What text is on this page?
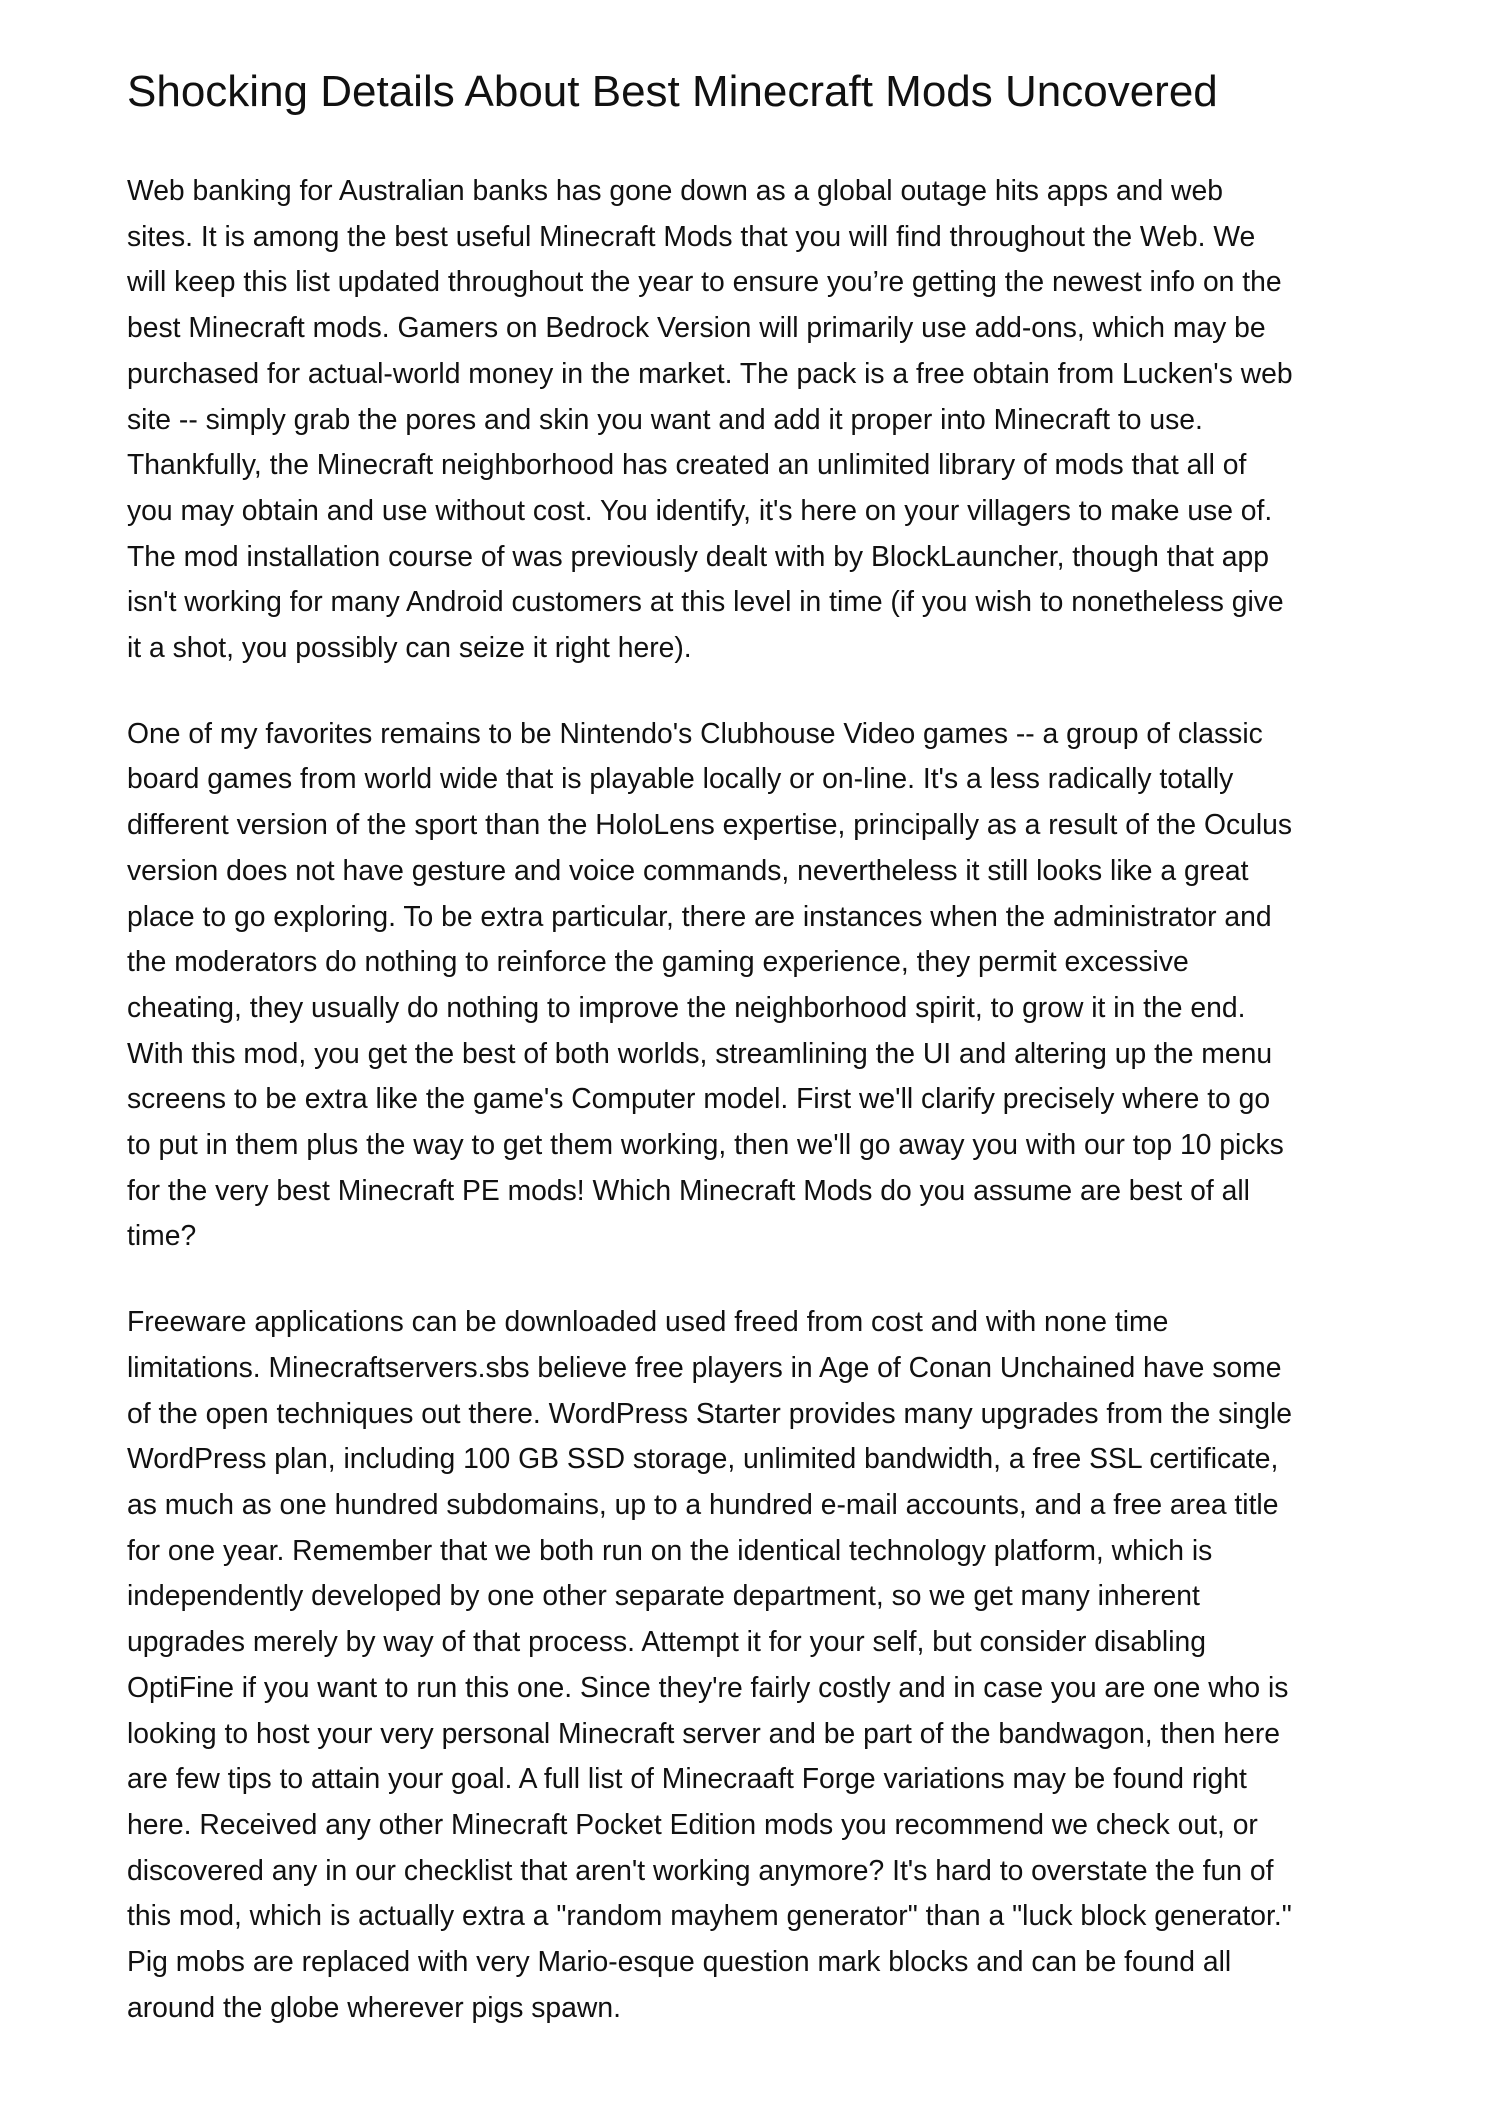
Shocking Details About Best Minecraft Mods Uncovered
Web banking for Australian banks has gone down as a global outage hits apps and web
sites. It is among the best useful Minecraft Mods that you will find throughout the Web. We
will keep this list updated throughout the year to ensure you’re getting the newest info on the
best Minecraft mods. Gamers on Bedrock Version will primarily use add-ons, which may be
purchased for actual-world money in the market. The pack is a free obtain from Lucken's web
site -- simply grab the pores and skin you want and add it proper into Minecraft to use.
Thankfully, the Minecraft neighborhood has created an unlimited library of mods that all of
you may obtain and use without cost. You identify, it's here on your villagers to make use of.
The mod installation course of was previously dealt with by BlockLauncher, though that app
isn't working for many Android customers at this level in time (if you wish to nonetheless give
it a shot, you possibly can seize it right here).
One of my favorites remains to be Nintendo's Clubhouse Video games -- a group of classic
board games from world wide that is playable locally or on-line. It's a less radically totally
different version of the sport than the HoloLens expertise, principally as a result of the Oculus
version does not have gesture and voice commands, nevertheless it still looks like a great
place to go exploring. To be extra particular, there are instances when the administrator and
the moderators do nothing to reinforce the gaming experience, they permit excessive
cheating, they usually do nothing to improve the neighborhood spirit, to grow it in the end.
With this mod, you get the best of both worlds, streamlining the UI and altering up the menu
screens to be extra like the game's Computer model. First we'll clarify precisely where to go
to put in them plus the way to get them working, then we'll go away you with our top 10 picks
for the very best Minecraft PE mods! Which Minecraft Mods do you assume are best of all
time?
Freeware applications can be downloaded used freed from cost and with none time
limitations. Minecraftservers.sbs believe free players in Age of Conan Unchained have some
of the open techniques out there. WordPress Starter provides many upgrades from the single
WordPress plan, including 100 GB SSD storage, unlimited bandwidth, a free SSL certificate,
as much as one hundred subdomains, up to a hundred e-mail accounts, and a free area title
for one year. Remember that we both run on the identical technology platform, which is
independently developed by one other separate department, so we get many inherent
upgrades merely by way of that process. Attempt it for your self, but consider disabling
OptiFine if you want to run this one. Since they're fairly costly and in case you are one who is
looking to host your very personal Minecraft server and be part of the bandwagon, then here
are few tips to attain your goal. A full list of Minecraaft Forge variations may be found right
here. Received any other Minecraft Pocket Edition mods you recommend we check out, or
discovered any in our checklist that aren't working anymore? It's hard to overstate the fun of
this mod, which is actually extra a "random mayhem generator" than a "luck block generator."
Pig mobs are replaced with very Mario-esque question mark blocks and can be found all
around the globe wherever pigs spawn.
